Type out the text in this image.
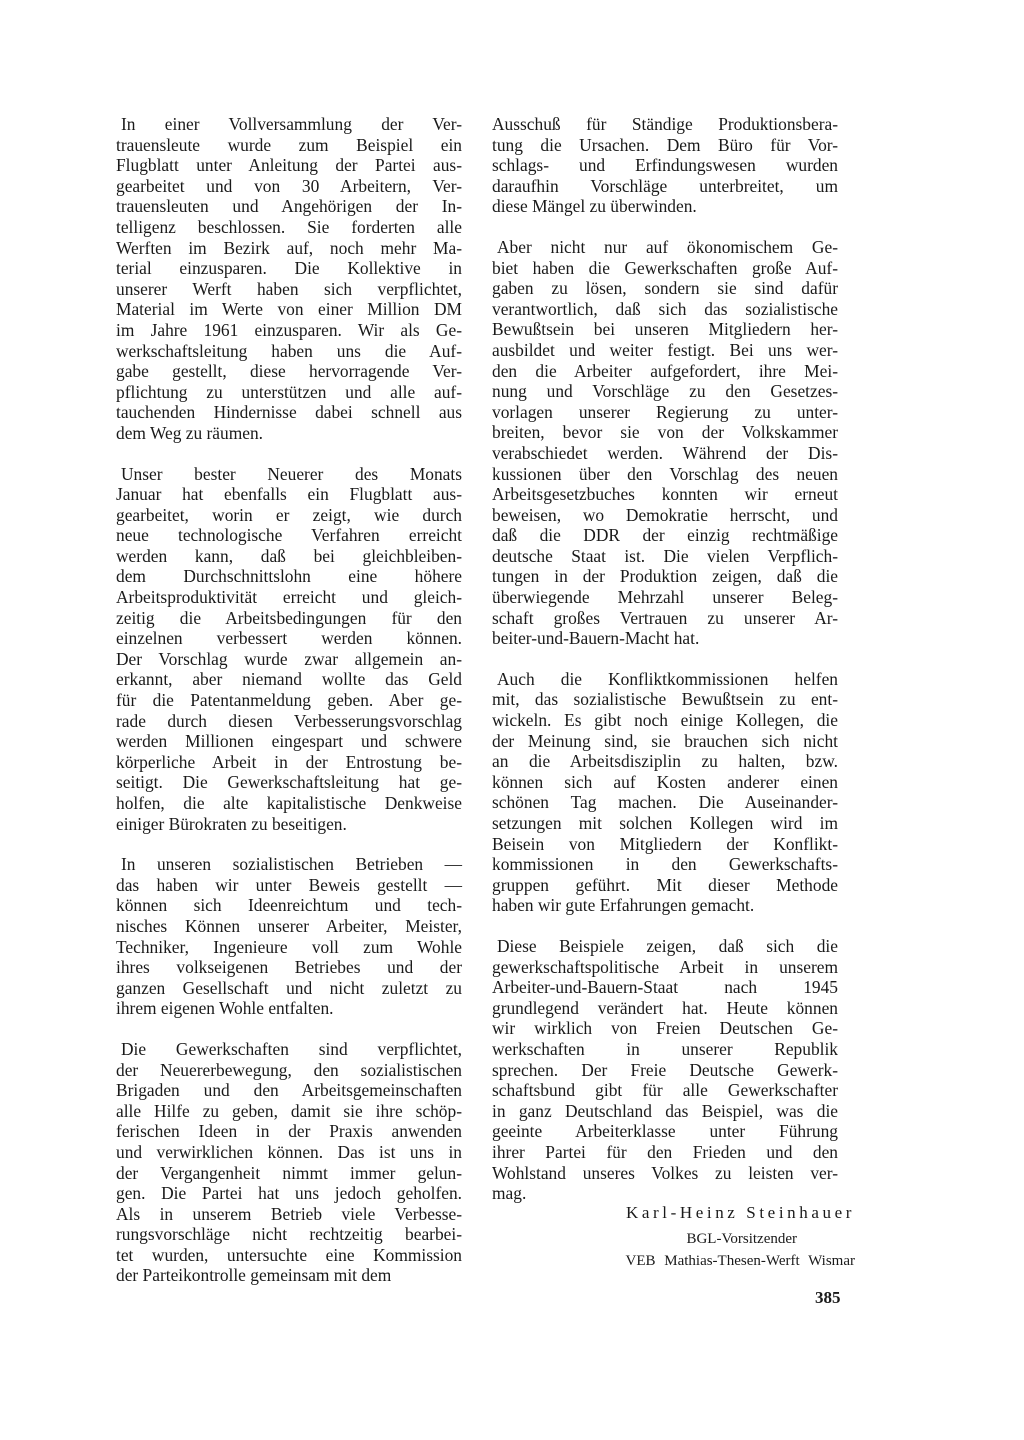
In einer Vollversammlung der Ver-
trauensleute wurde zum Beispiel ein
Flugblatt unter Anleitung der Partei aus-
gearbeitet und von 30 Arbeitern, Ver-
trauensleuten und Angehörigen der In-
telligenz beschlossen. Sie forderten alle
Werften im Bezirk auf, noch mehr Ma-
terial einzusparen. Die Kollektive in
unserer Werft haben sich verpflichtet,
Material im Werte von einer Million DM
im Jahre 1961 einzusparen. Wir als Ge-
werkschaftsleitung haben uns die Auf-
gabe gestellt, diese hervorragende Ver-
pflichtung zu unterstützen und alle auf-
tauchenden Hindernisse dabei schnell aus
dem Weg zu räumen.
Unser bester Neuerer des Monats
Januar hat ebenfalls ein Flugblatt aus-
gearbeitet, worin er zeigt, wie durch
neue technologische Verfahren erreicht
werden kann, daß bei gleichbleiben-
dem Durchschnittslohn eine höhere
Arbeitsproduktivität erreicht und gleich-
zeitig die Arbeitsbedingungen für den
einzelnen verbessert werden können.
Der Vorschlag wurde zwar allgemein an-
erkannt, aber niemand wollte das Geld
für die Patentanmeldung geben. Aber ge-
rade durch diesen Verbesserungsvorschlag
werden Millionen eingespart und schwere
körperliche Arbeit in der Entrostung be-
seitigt. Die Gewerkschaftsleitung hat ge-
holfen, die alte kapitalistische Denkweise
einiger Bürokraten zu beseitigen.
In unseren sozialistischen Betrieben —
das haben wir unter Beweis gestellt —
können sich Ideenreichtum und tech-
nisches Können unserer Arbeiter, Meister,
Techniker, Ingenieure voll zum Wohle
ihres volkseigenen Betriebes und der
ganzen Gesellschaft und nicht zuletzt zu
ihrem eigenen Wohle entfalten.
Die Gewerkschaften sind verpflichtet,
der Neuererbewegung, den sozialistischen
Brigaden und den Arbeitsgemeinschaften
alle Hilfe zu geben, damit sie ihre schöp-
ferischen Ideen in der Praxis anwenden
und verwirklichen können. Das ist uns in
der Vergangenheit nimmt immer gelun-
gen. Die Partei hat uns jedoch geholfen.
Als in unserem Betrieb viele Verbesse-
rungsvorschläge nicht rechtzeitig bearbei-
tet wurden, untersuchte eine Kommission
der Parteikontrolle gemeinsam mit dem
Ausschuß für Ständige Produktionsbera-
tung die Ursachen. Dem Büro für Vor-
schlags- und Erfindungswesen wurden
daraufhin Vorschläge unterbreitet, um
diese Mängel zu überwinden.
Aber nicht nur auf ökonomischem Ge-
biet haben die Gewerkschaften große Auf-
gaben zu lösen, sondern sie sind dafür
verantwortlich, daß sich das sozialistische
Bewußtsein bei unseren Mitgliedern her-
ausbildet und weiter festigt. Bei uns wer-
den die Arbeiter aufgefordert, ihre Mei-
nung und Vorschläge zu den Gesetzes-
vorlagen unserer Regierung zu unter-
breiten, bevor sie von der Volkskammer
verabschiedet werden. Während der Dis-
kussionen über den Vorschlag des neuen
Arbeitsgesetzbuches konnten wir erneut
beweisen, wo Demokratie herrscht, und
daß die DDR der einzig rechtmäßige
deutsche Staat ist. Die vielen Verpflich-
tungen in der Produktion zeigen, daß die
überwiegende Mehrzahl unserer Beleg-
schaft großes Vertrauen zu unserer Ar-
beiter-und-Bauern-Macht hat.
Auch die Konfliktkommissionen helfen
mit, das sozialistische Bewußtsein zu ent-
wickeln. Es gibt noch einige Kollegen, die
der Meinung sind, sie brauchen sich nicht
an die Arbeitsdisziplin zu halten, bzw.
können sich auf Kosten anderer einen
schönen Tag machen. Die Auseinander-
setzungen mit solchen Kollegen wird im
Beisein von Mitgliedern der Konflikt-
kommissionen in den Gewerkschafts-
gruppen geführt. Mit dieser Methode
haben wir gute Erfahrungen gemacht.
Diese Beispiele zeigen, daß sich die
gewerkschaftspolitische Arbeit in unserem
Arbeiter-und-Bauern-Staat nach 1945
grundlegend verändert hat. Heute können
wir wirklich von Freien Deutschen Ge-
werkschaften in unserer Republik
sprechen. Der Freie Deutsche Gewerk-
schaftsbund gibt für alle Gewerkschafter
in ganz Deutschland das Beispiel, was die
geeinte Arbeiterklasse unter Führung
ihrer Partei für den Frieden und den
Wohlstand unseres Volkes zu leisten ver-
mag.
Karl-Heinz Steinhauer
BGL-Vorsitzender
VEB Mathias-Thesen-Werft Wismar
385
